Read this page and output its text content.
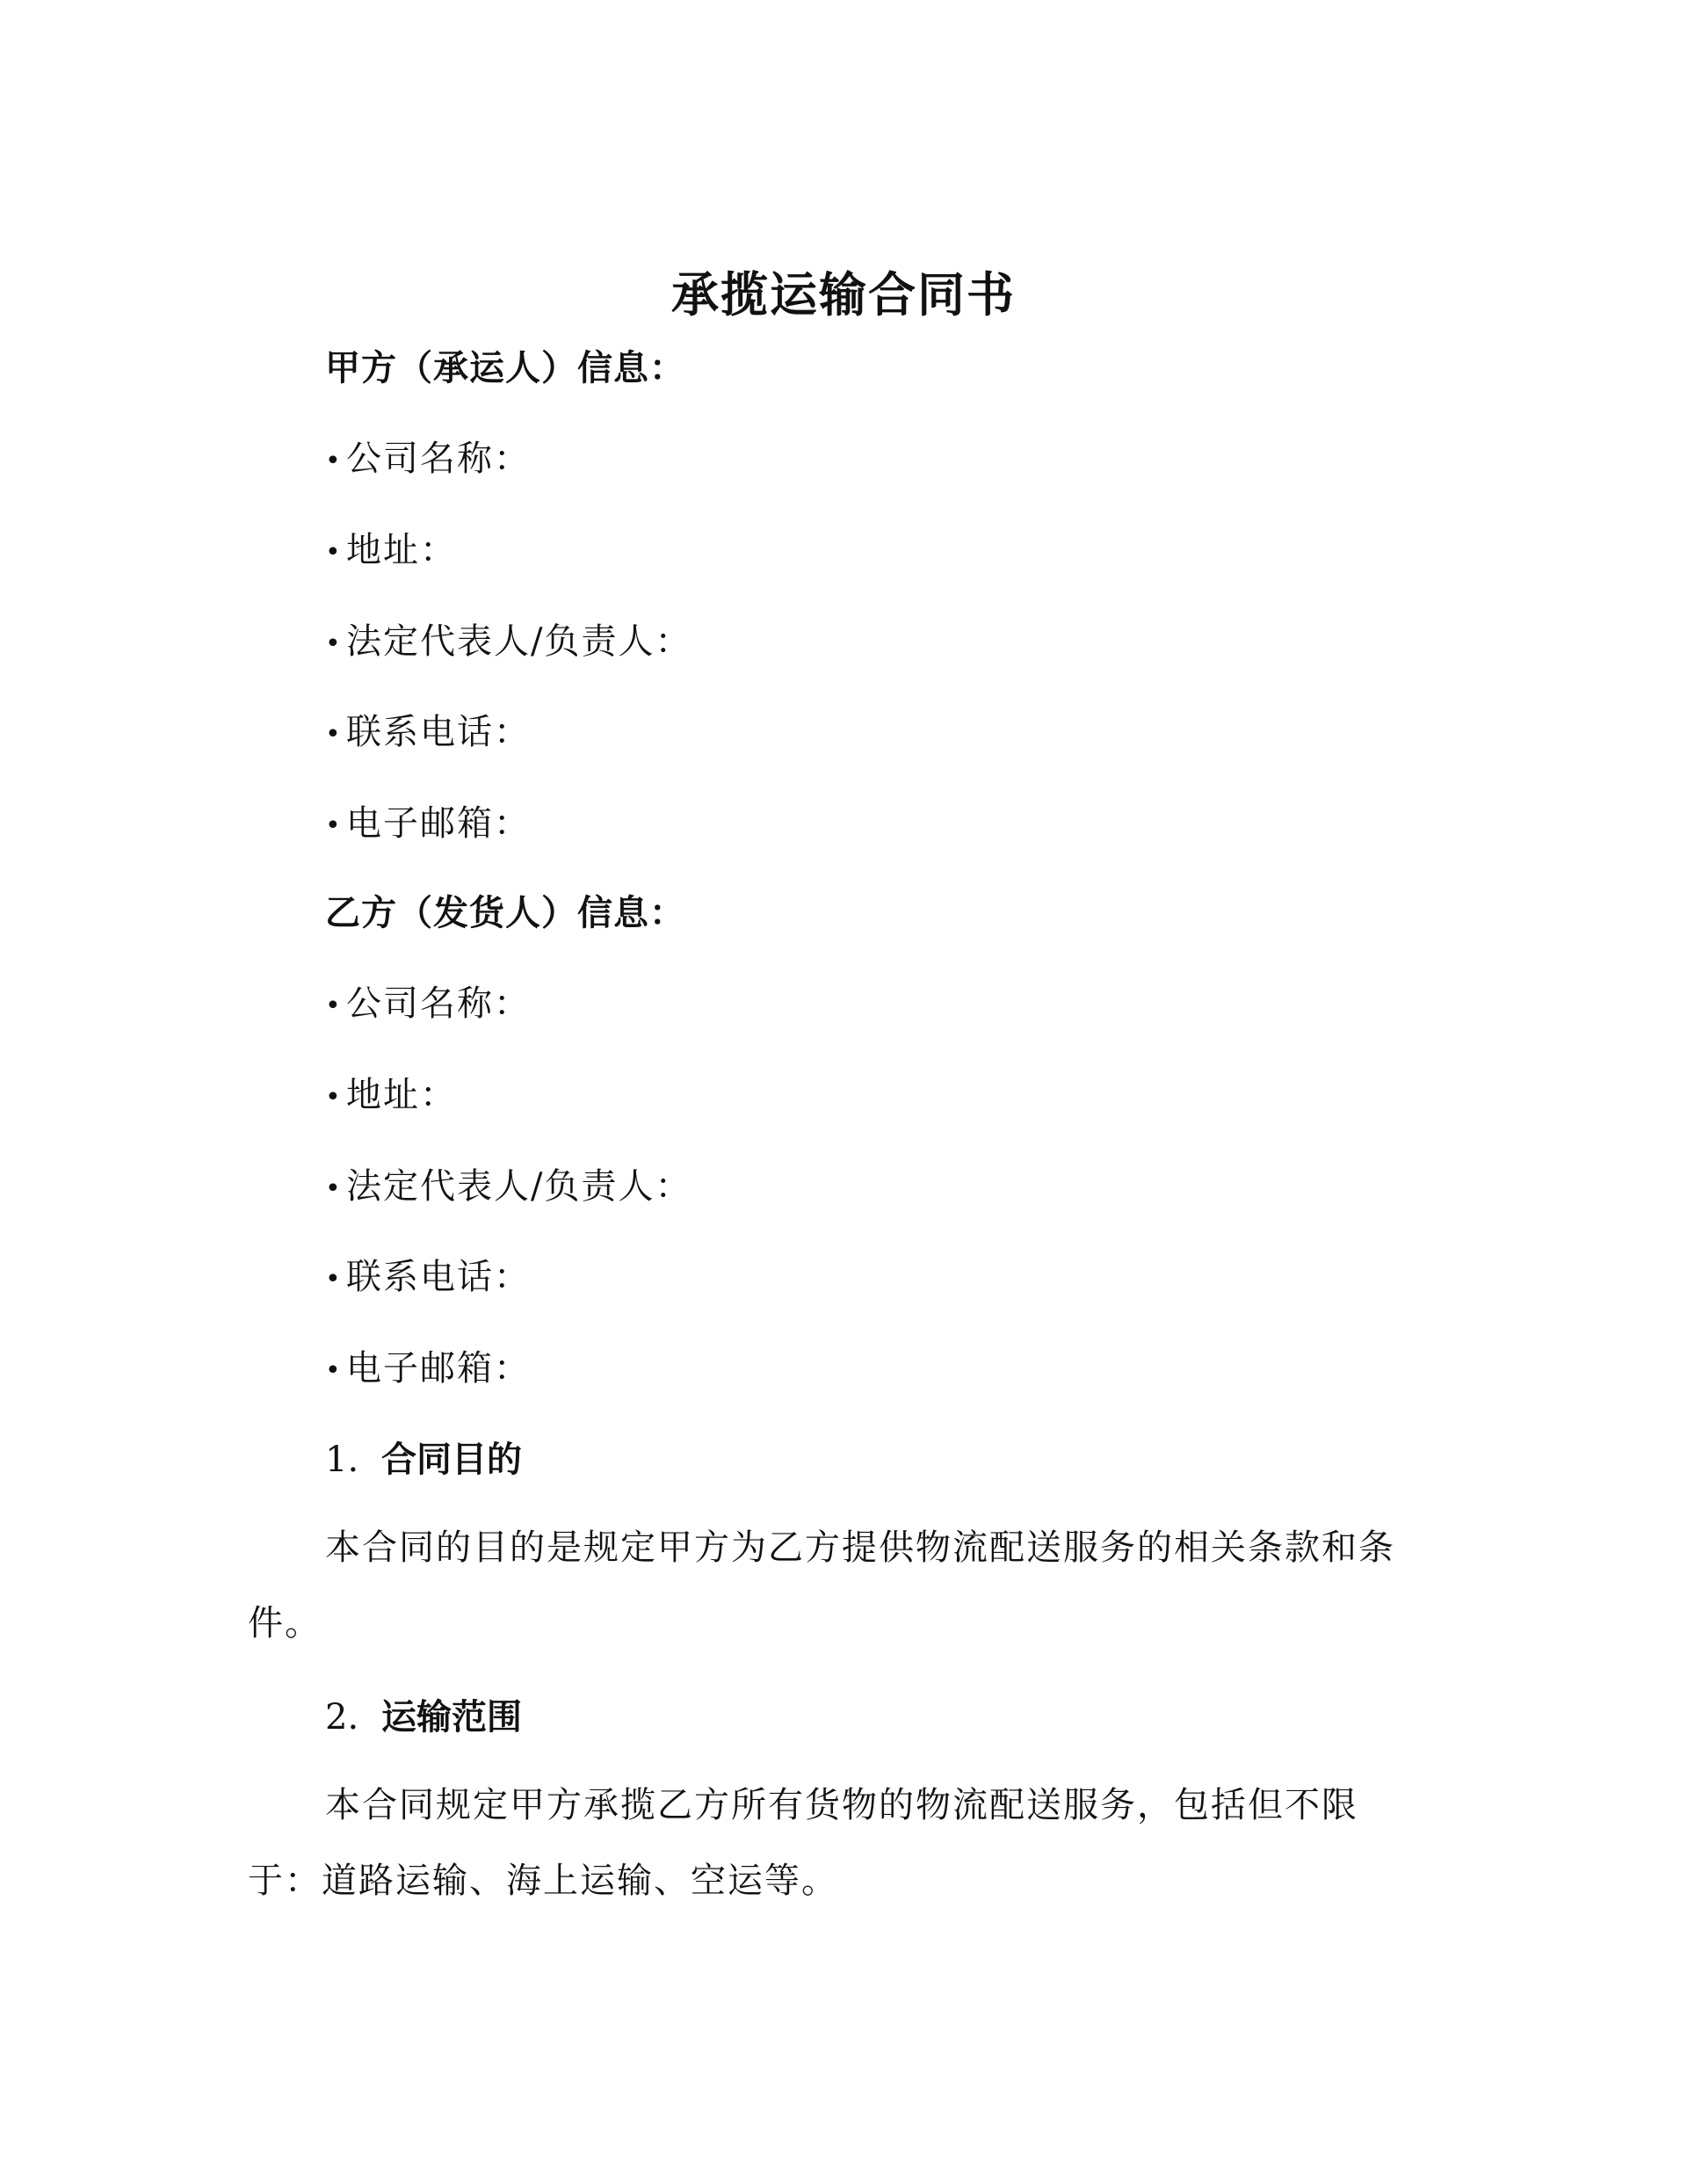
承揽运输合同书
甲方（承运人）信息：
• 公司名称：
• 地址：
• 法定代表人/负责人：
• 联系电话：
• 电子邮箱：
乙方（发货人）信息：
• 公司名称：
• 地址：
• 法定代表人/负责人：
• 联系电话：
• 电子邮箱：
1. 合同目的
本合同的目的是规定甲方为乙方提供物流配送服务的相关条款和条件。
2. 运输范围
本合同规定甲方承揽乙方所有货物的物流配送服务，包括但不限于：道路运输、海上运输、空运等。
